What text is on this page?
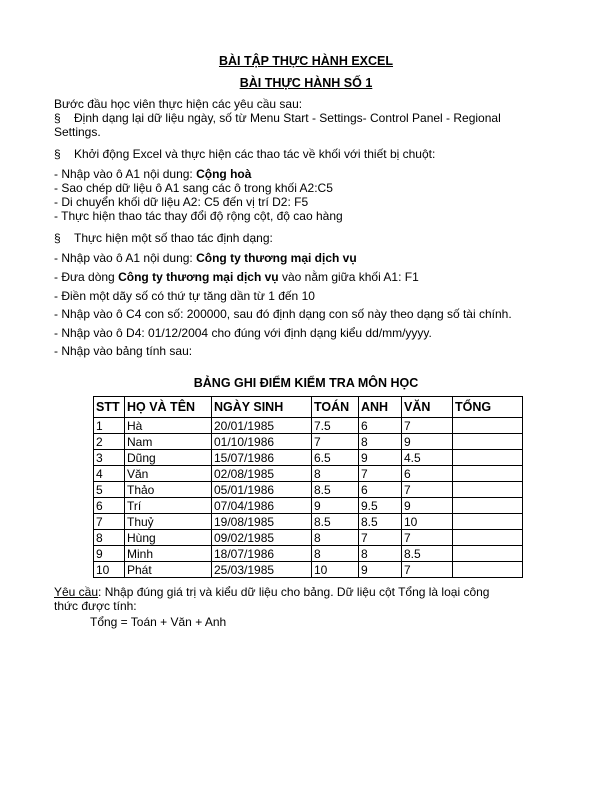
BÀI TẬP THỰC HÀNH EXCEL
BÀI THỰC HÀNH SỐ 1
Bước đầu học viên thực hiện các yêu cầu sau:
§ Định dạng lại dữ liệu ngày, số từ Menu Start - Settings- Control Panel - Regional
Settings.
§ Khởi động Excel và thực hiện các thao tác về khối với thiết bị chuột:
- Nhập vào ô A1 nội dung: Cộng hoà
- Sao chép dữ liệu ô A1 sang các ô trong khối A2:C5
- Di chuyển khối dữ liệu A2: C5 đến vị trí D2: F5
- Thực hiện thao tác thay đổi độ rộng cột, độ cao hàng
§ Thực hiện một số thao tác định dạng:
- Nhập vào ô A1 nội dung: Công ty thương mại dịch vụ
- Đưa dòng Công ty thương mại dịch vụ vào nằm giữa khối A1: F1
- Điền một dãy số có thứ tự tăng dần từ 1 đến 10
- Nhập vào ô C4 con số: 200000, sau đó định dạng con số này theo dạng số tài chính.
- Nhập vào ô D4: 01/12/2004 cho đúng với định dạng kiểu dd/mm/yyyy.
- Nhập vào bảng tính sau:
BẢNG GHI ĐIỂM KIỂM TRA MÔN HỌC
STT	HỌ VÀ TÊN	NGÀY SINH	TOÁN	ANH	VĂN	TỔNG
1	Hà	20/01/1985	7.5	6	7	
2	Nam	01/10/1986	7	8	9	
3	Dũng	15/07/1986	6.5	9	4.5	
4	Văn	02/08/1985	8	7	6	
5	Thảo	05/01/1986	8.5	6	7	
6	Trí	07/04/1986	9	9.5	9	
7	Thuỷ	19/08/1985	8.5	8.5	10	
8	Hùng	09/02/1985	8	7	7	
9	Minh	18/07/1986	8	8	8.5	
10	Phát	25/03/1985	10	9	7	
Yêu cầu: Nhập đúng giá trị và kiểu dữ liệu cho bảng. Dữ liệu cột Tổng là loại công
thức được tính:
Tổng = Toán + Văn + Anh
